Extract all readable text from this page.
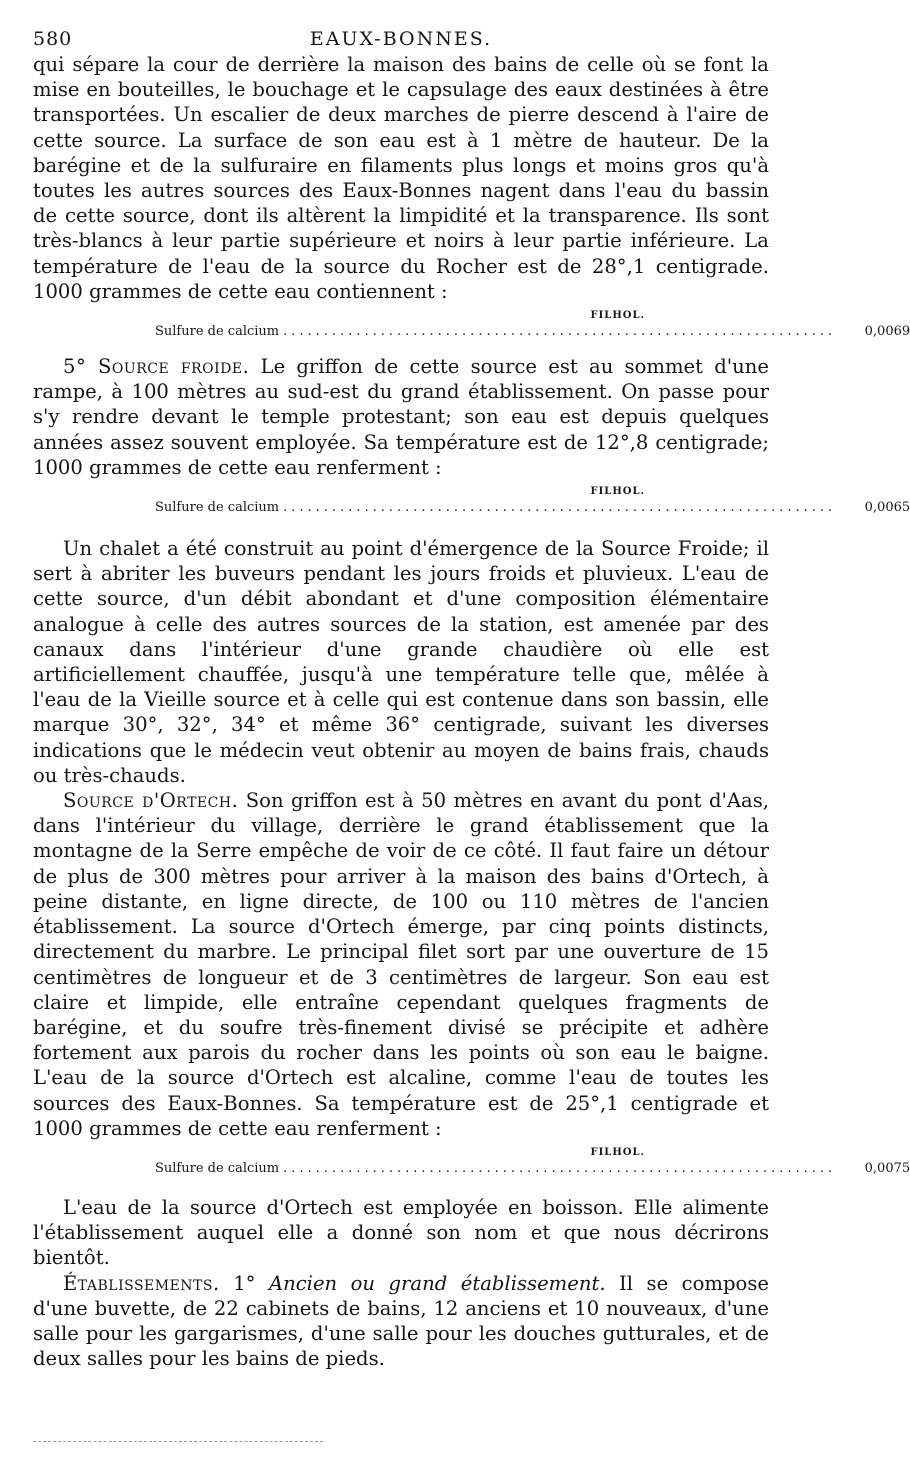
580	EAUX-BONNES.

qui sépare la cour de derrière la maison des bains de celle où se font la mise en bouteilles, le bouchage et le capsulage des eaux destinées à être transportées. Un escalier de deux marches de pierre descend à l'aire de cette source. La surface de son eau est à 1 mètre de hauteur. De la barégine et de la sulfuraire en filaments plus longs et moins gros qu'à toutes les autres sources des Eaux-Bonnes nagent dans l'eau du bassin de cette source, dont ils altèrent la limpidité et la transparence. Ils sont très-blancs à leur partie supérieure et noirs à leur partie inférieure. La température de l'eau de la source du Rocher est de 28°,1 centigrade. 1000 grammes de cette eau contiennent :

FILHOL.
Sulfure de calcium ....................................................................	0,0069

5° Source froide. Le griffon de cette source est au sommet d'une rampe, à 100 mètres au sud-est du grand établissement. On passe pour s'y rendre devant le temple protestant; son eau est depuis quelques années assez souvent employée. Sa température est de 12°,8 centigrade; 1000 grammes de cette eau renferment :

FILHOL.
Sulfure de calcium ....................................................................	0,0065

Un chalet a été construit au point d'émergence de la Source Froide; il sert à abriter les buveurs pendant les jours froids et pluvieux. L'eau de cette source, d'un débit abondant et d'une composition élémentaire analogue à celle des autres sources de la station, est amenée par des canaux dans l'intérieur d'une grande chaudière où elle est artificiellement chauffée, jusqu'à une température telle que, mêlée à l'eau de la Vieille source et à celle qui est contenue dans son bassin, elle marque 30°, 32°, 34° et même 36° centigrade, suivant les diverses indications que le médecin veut obtenir au moyen de bains frais, chauds ou très-chauds.

Source d'Ortech. Son griffon est à 50 mètres en avant du pont d'Aas, dans l'intérieur du village, derrière le grand établissement que la montagne de la Serre empêche de voir de ce côté. Il faut faire un détour de plus de 300 mètres pour arriver à la maison des bains d'Ortech, à peine distante, en ligne directe, de 100 ou 110 mètres de l'ancien établissement. La source d'Ortech émerge, par cinq points distincts, directement du marbre. Le principal filet sort par une ouverture de 15 centimètres de longueur et de 3 centimètres de largeur. Son eau est claire et limpide, elle entraîne cependant quelques fragments de barégine, et du soufre très-finement divisé se précipite et adhère fortement aux parois du rocher dans les points où son eau le baigne. L'eau de la source d'Ortech est alcaline, comme l'eau de toutes les sources des Eaux-Bonnes. Sa température est de 25°,1 centigrade et 1000 grammes de cette eau renferment :

FILHOL.
Sulfure de calcium ....................................................................	0,0075

L'eau de la source d'Ortech est employée en boisson. Elle alimente l'établissement auquel elle a donné son nom et que nous décrirons bientôt.

Établissements. 1° Ancien ou grand établissement. Il se compose d'une buvette, de 22 cabinets de bains, 12 anciens et 10 nouveaux, d'une salle pour les gargarismes, d'une salle pour les douches gutturales, et de deux salles pour les bains de pieds.
